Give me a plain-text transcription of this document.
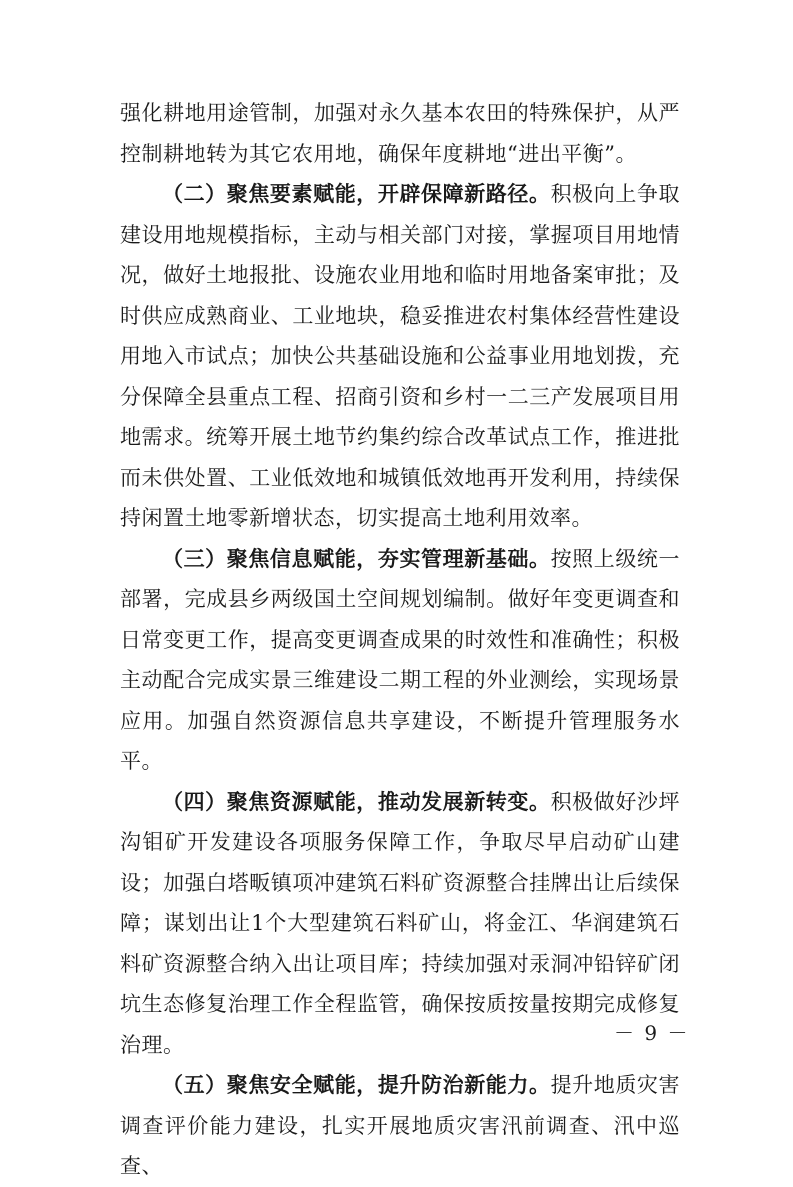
强化耕地用途管制，加强对永久基本农田的特殊保护，从严控制耕地转为其它农用地，确保年度耕地“进出平衡”。

（二）聚焦要素赋能，开辟保障新路径。积极向上争取建设用地规模指标，主动与相关部门对接，掌握项目用地情况，做好土地报批、设施农业用地和临时用地备案审批；及时供应成熟商业、工业地块，稳妥推进农村集体经营性建设用地入市试点；加快公共基础设施和公益事业用地划拨，充分保障全县重点工程、招商引资和乡村一二三产发展项目用地需求。统筹开展土地节约集约综合改革试点工作，推进批而未供处置、工业低效地和城镇低效地再开发利用，持续保持闲置土地零新增状态，切实提高土地利用效率。

（三）聚焦信息赋能，夯实管理新基础。按照上级统一部署，完成县乡两级国土空间规划编制。做好年变更调查和日常变更工作，提高变更调查成果的时效性和准确性；积极主动配合完成实景三维建设二期工程的外业测绘，实现场景应用。加强自然资源信息共享建设，不断提升管理服务水平。

（四）聚焦资源赋能，推动发展新转变。积极做好沙坪沟钼矿开发建设各项服务保障工作，争取尽早启动矿山建设；加强白塔畈镇项冲建筑石料矿资源整合挂牌出让后续保障；谋划出让1个大型建筑石料矿山，将金江、华润建筑石料矿资源整合纳入出让项目库；持续加强对汞洞冲铅锌矿闭坑生态修复治理工作全程监管，确保按质按量按期完成修复治理。

（五）聚焦安全赋能，提升防治新能力。提升地质灾害调查评价能力建设，扎实开展地质灾害汛前调查、汛中巡查、

－ 9 －
